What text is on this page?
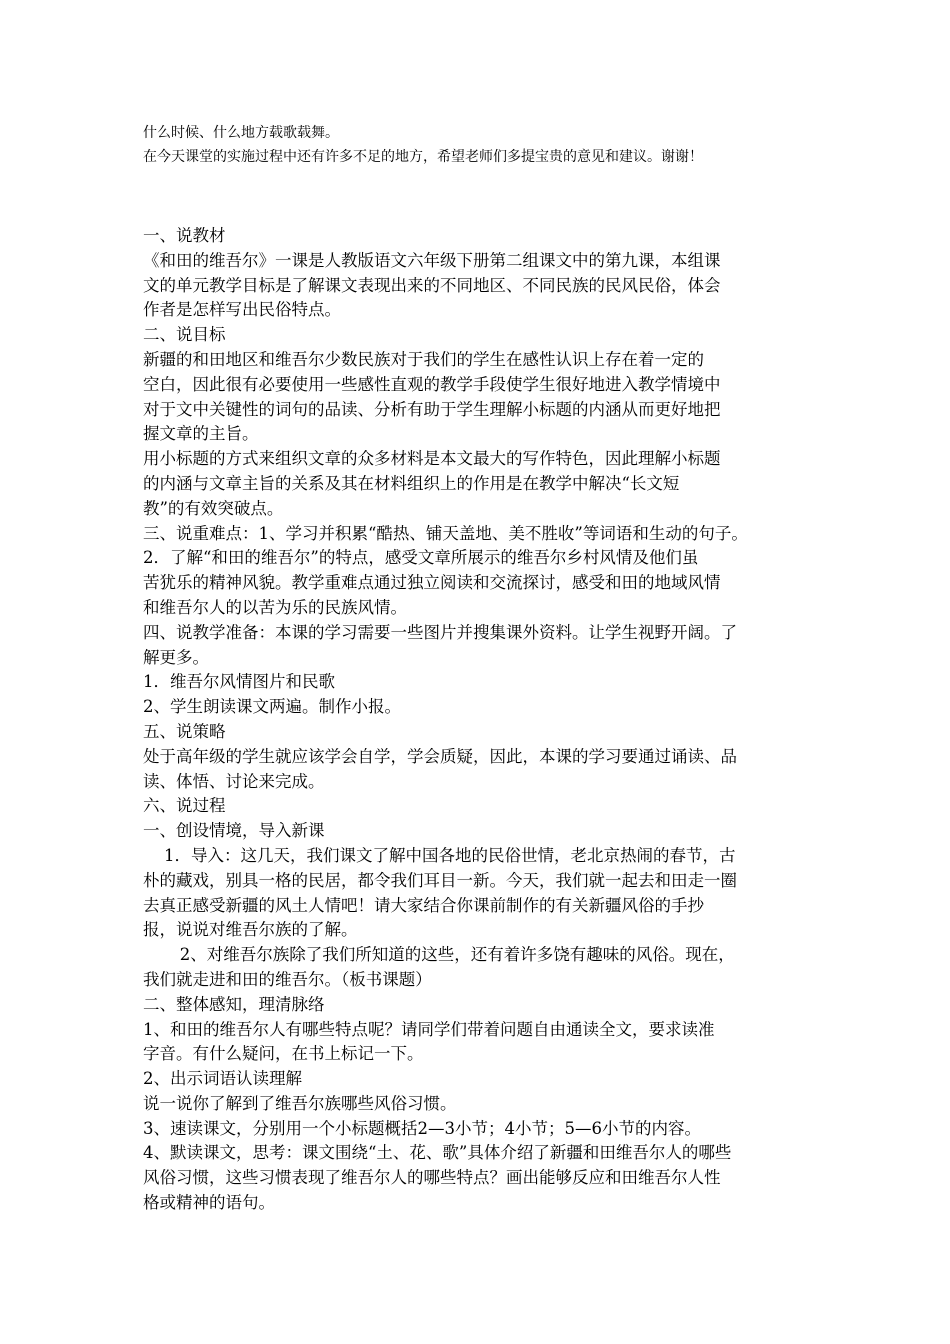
什么时候、什么地方载歌载舞。
在今天课堂的实施过程中还有许多不足的地方，希望老师们多提宝贵的意见和建议。谢谢！
一、说教材
《和田的维吾尔》一课是人教版语文六年级下册第二组课文中的第九课，本组课
文的单元教学目标是了解课文表现出来的不同地区、不同民族的民风民俗，体会
作者是怎样写出民俗特点。
二、说目标
新疆的和田地区和维吾尔少数民族对于我们的学生在感性认识上存在着一定的
空白，因此很有必要使用一些感性直观的教学手段使学生很好地进入教学情境中
对于文中关键性的词句的品读、分析有助于学生理解小标题的内涵从而更好地把
握文章的主旨。
用小标题的方式来组织文章的众多材料是本文最大的写作特色，因此理解小标题
的内涵与文章主旨的关系及其在材料组织上的作用是在教学中解决“长文短
教”的有效突破点。
三、说重难点：1、学习并积累“酷热、铺天盖地、美不胜收”等词语和生动的句子。
2．了解“和田的维吾尔”的特点，感受文章所展示的维吾尔乡村风情及他们虽
苦犹乐的精神风貌。教学重难点通过独立阅读和交流探讨，感受和田的地域风情
和维吾尔人的以苦为乐的民族风情。
四、说教学准备：本课的学习需要一些图片并搜集课外资料。让学生视野开阔。了
解更多。
1．维吾尔风情图片和民歌
2、学生朗读课文两遍。制作小报。
五、说策略
处于高年级的学生就应该学会自学，学会质疑，因此，本课的学习要通过诵读、品
读、体悟、讨论来完成。
六、说过程
一、创设情境，导入新课
1．导入：这几天，我们课文了解中国各地的民俗世情，老北京热闹的春节，古
朴的藏戏，别具一格的民居，都令我们耳目一新。今天，我们就一起去和田走一圈
去真正感受新疆的风土人情吧！请大家结合你课前制作的有关新疆风俗的手抄
报，说说对维吾尔族的了解。
2、对维吾尔族除了我们所知道的这些，还有着许多饶有趣味的风俗。现在，
我们就走进和田的维吾尔。（板书课题）
二、整体感知，理清脉络
1、和田的维吾尔人有哪些特点呢？请同学们带着问题自由通读全文，要求读准
字音。有什么疑问，在书上标记一下。
2、出示词语认读理解
说一说你了解到了维吾尔族哪些风俗习惯。
3、速读课文，分别用一个小标题概括2—3小节；4小节；5—6小节的内容。
4、默读课文，思考：课文围绕“土、花、歌”具体介绍了新疆和田维吾尔人的哪些
风俗习惯，这些习惯表现了维吾尔人的哪些特点？画出能够反应和田维吾尔人性
格或精神的语句。
